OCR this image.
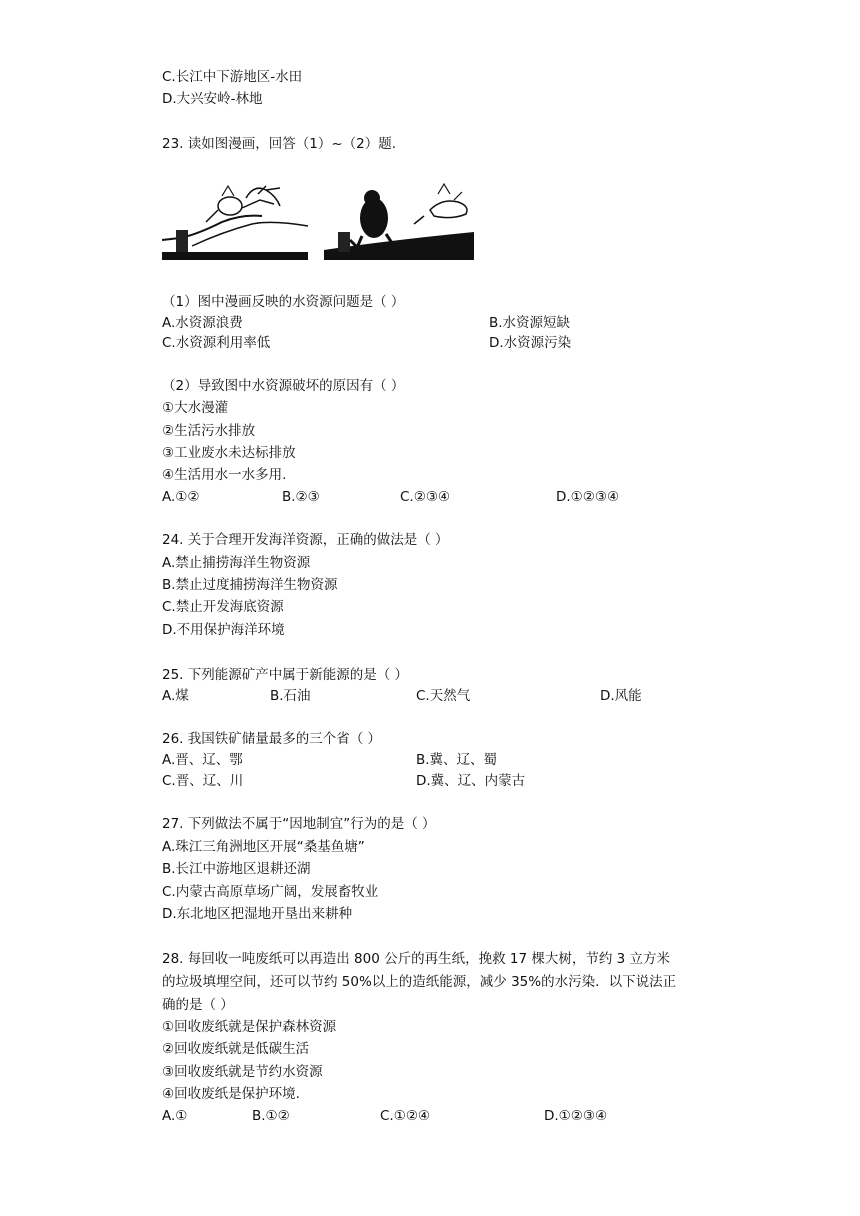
C.长江中下游地区-水田
D.大兴安岭-林地
23. 读如图漫画，回答（1）~（2）题.
（1）图中漫画反映的水资源问题是（ ）
A.水资源浪费	B.水资源短缺
C.水资源利用率低	D.水资源污染
（2）导致图中水资源破坏的原因有（ ）
①大水漫灌
②生活污水排放
③工业废水未达标排放
④生活用水一水多用.
A.①②	B.②③	C.②③④	D.①②③④
24. 关于合理开发海洋资源，正确的做法是（ ）
A.禁止捕捞海洋生物资源
B.禁止过度捕捞海洋生物资源
C.禁止开发海底资源
D.不用保护海洋环境
25. 下列能源矿产中属于新能源的是（ ）
A.煤	B.石油	C.天然气	D.风能
26. 我国铁矿储量最多的三个省（ ）
A.晋、辽、鄂	B.冀、辽、蜀
C.晋、辽、川	D.冀、辽、内蒙古
27. 下列做法不属于“因地制宜”行为的是（ ）
A.珠江三角洲地区开展“桑基鱼塘”
B.长江中游地区退耕还湖
C.内蒙古高原草场广阔，发展畜牧业
D.东北地区把湿地开垦出来耕种
28. 每回收一吨废纸可以再造出 800 公斤的再生纸，挽救 17 棵大树，节约 3 立方米
的垃圾填埋空间，还可以节约 50%以上的造纸能源，减少 35%的水污染．以下说法正
确的是（ ）
①回收废纸就是保护森林资源
②回收废纸就是低碳生活
③回收废纸就是节约水资源
④回收废纸是保护环境.
A.①	B.①②	C.①②④	D.①②③④
